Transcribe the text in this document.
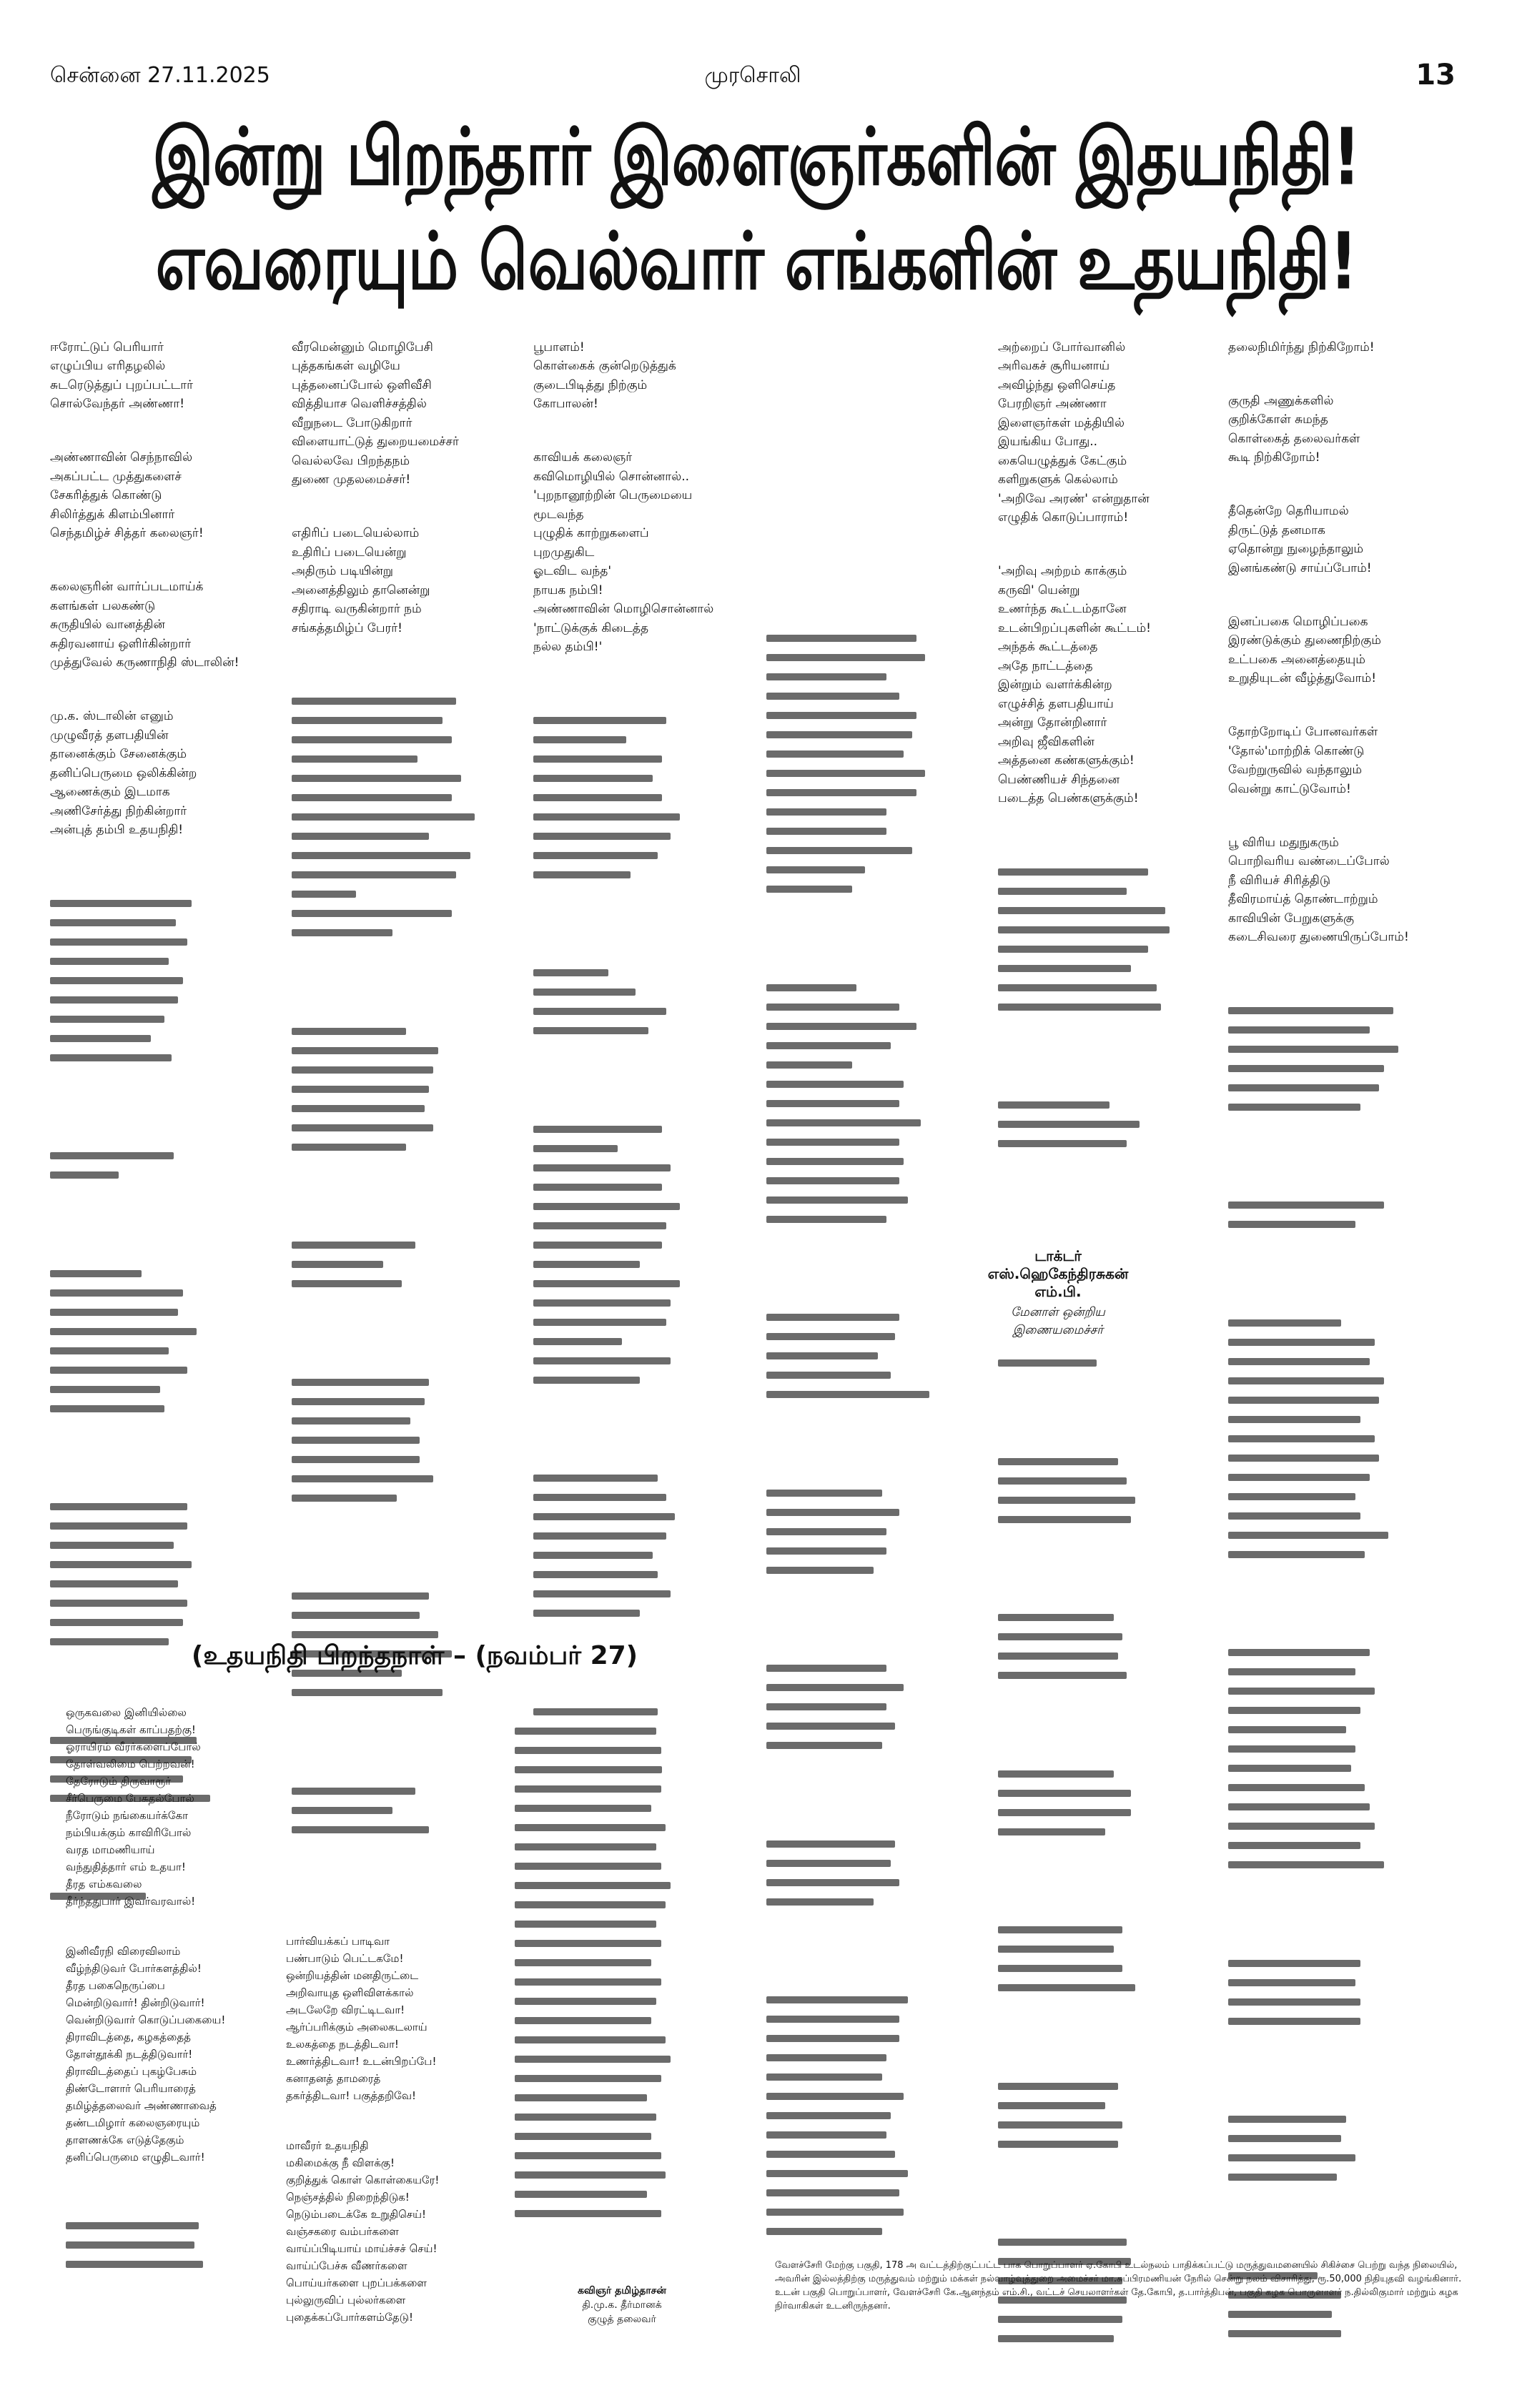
சென்னை 27.11.2025	முரசொலி	13
இன்று பிறந்தார் இளைஞர்களின் இதயநிதி!
எவரையும் வெல்வார் எங்களின் உதயநிதி!

ஈரோட்டுப் பெரியார்
எழுப்பிய எரிதழலில்
சுடரெடுத்துப் புறப்பட்டார்
சொல்வேந்தர் அண்ணா!

அண்ணாவின் செந்நாவில்
அகப்பட்ட முத்துகளைச்
சேகரித்துக் கொண்டு
சிலிர்த்துக் கிளம்பினார்
செந்தமிழ்ச் சித்தர் கலைஞர்!

கலைஞரின் வார்ப்படமாய்க்
களங்கள் பலகண்டு
சுருதியில் வானத்தின்
சுதிரவனாய் ஒளிர்கின்றார்
முத்துவேல் கருணாநிதி ஸ்டாலின்!

மு.க. ஸ்டாலின் எனும்
முழுவீரத் தளபதியின்
தானைக்கும் சேனைக்கும்
தனிப்பெருமை ஒலிக்கின்ற
ஆணைக்கும் இடமாக
அணிசேர்த்து நிற்கின்றார்
அன்புத் தம்பி உதயநிதி!

வீரமென்னும் மொழிபேசி
புத்தகங்கள் வழியே
புத்தனைப்போல் ஒளிவீசி
வித்தியாச வெளிச்சத்தில்
வீறுநடை போடுகிறார்
விளையாட்டுத் துறையமைச்சர்
வெல்லவே பிறந்தநம்
துணை முதலமைச்சர்!

எதிரிப் படையெல்லாம்
உதிரிப் படையென்று
அதிரும் படியின்று
அனைத்திலும் தானென்று
சதிராடி வருகின்றார் நம்
சங்கத்தமிழ்ப் பேரர்!

பூபாளம்!
கொள்கைக் குன்றெடுத்துக்
குடைபிடித்து நிற்கும்
கோபாலன்!

காவியக் கலைஞர்
கவிமொழியில் சொன்னால்..
'புறநானூற்றின் பெருமையை
மூடவந்த
புழுதிக் காற்றுகளைப்
புறமுதுகிட
ஓடவிட வந்த'
நாயக நம்பி!
அண்ணாவின் மொழிசொன்னால்
'நாட்டுக்குக் கிடைத்த
நல்ல தம்பி!'

அற்றைப் போர்வானில்
அரிவகச் சூரியனாய்
அவிழ்ந்து ஒளிசெய்த
பேரறிஞர் அண்ணா
இளைஞர்கள் மத்தியில்
இயங்கிய போது..
கையெழுத்துக் கேட்கும்
களிறுகளுக் கெல்லாம்
'அறிவே அரண்' என்றுதான்
எழுதிக் கொடுப்பாராம்!

'அறிவு அற்றம் காக்கும்
கருவி' யென்று
உணர்ந்த கூட்டம்தானே
உடன்பிறப்புகளின் கூட்டம்!
அந்தக் கூட்டத்தை
அதே நாட்டத்தை
இன்றும் வளர்க்கின்ற
எழுச்சித் தளபதியாய்
அன்று தோன்றினார்
அறிவு ஜீவிகளின்
அத்தனை கண்களுக்கும்!
பெண்ணியச் சிந்தனை
படைத்த பெண்களுக்கும்!

டாக்டர்
எஸ்.ஹெகேந்திரசுகன்
எம்.பி.
மேனாள் ஒன்றிய
இணையமைச்சர்

தலைநிமிர்ந்து நிற்கிறோம்!

குருதி அணுக்களில்
குறிக்கோள் சுமந்த
கொள்கைத் தலைவர்கள்
கூடி நிற்கிறோம்!

தீதென்றே தெரியாமல்
திருட்டுத் தனமாக
ஏதொன்று நுழைந்தாலும்
இனங்கண்டு சாய்ப்போம்!

இனப்பகை மொழிப்பகை
இரண்டுக்கும் துணைநிற்கும்
உட்பகை அனைத்தையும்
உறுதியுடன் வீழ்த்துவோம்!

தோற்றோடிப் போனவர்கள்
'தோல்'மாற்றிக் கொண்டு
வேற்றுருவில் வந்தாலும்
வென்று காட்டுவோம்!

பூ விரிய மதுநுகரும்
பொறிவரிய வண்டைப்போல்
நீ விரியச் சிரித்திடு
தீவிரமாய்த் தொண்டாற்றும்
காவியின் பேறுகளுக்கு
கடைசிவரை துணையிருப்போம்!

(உதயநிதி பிறந்தநாள் – (நவம்பர் 27)

ஒருகவலை இனியில்லை
பெருங்குடிகள் காப்பதற்கு!
ஓராயிரம் வீரர்களைப்போல்
தோள்வலிமை பெற்றவன்!
தேரோடும் திருவாரூர்
சீர்பெருமை பேசுதல்போல்
நீரோடும் நங்கையர்க்கோ
நம்பியக்கும் காவிரிபோல்
வரத மாமணியாய்
வந்துதித்தார் எம் உதயா!
தீரத எம்கவலை
தீர்ந்ததுபார் இவர்வரவால்!

இனிவீரநி விரைவிலாம்
வீழ்ந்திடுவர் போர்களத்தில்!
தீரத பகைநெருப்பை
மென்றிடுவார்! தின்றிடுவார்!
வென்றிடுவார் கொடுப்பகையை!
திராவிடத்தை, கழகத்தைத்
தோள்தூக்கி நடத்திடுவார்!
திராவிடத்தைப் புகழ்பேசும்
திண்டோளார் பெரியாரைத்
தமிழ்த்தலைவர் அண்ணாவைத்
தண்டமிழார் கலைஞரையும்
தாளணக்கே எடுத்தேகும்
தனிப்பெருமை எழுதிடவார்!

பார்வியக்கப் பாடிவா
பண்பாடும் பெட்டகமே!
ஒன்றியத்தின் மனதிருட்டை
அறிவாயுத ஒளிவிளக்கால்
அடலேறே விரட்டிடவா!
ஆர்ப்பரிக்கும் அலைகடலாய்
உலகத்தை நடத்திடவா!
உணர்த்திடவா! உடன்பிறப்பே!
கனாதனத் தாமரைத்
தகர்த்திடவா! பகுத்தறிவே!

மாவீரர் உதயநிதி
மகிமைக்கு நீ விளக்கு!
குறித்துக் கொள் கொள்கையரே!
நெஞ்சத்தில் நிறைந்திடுக!
நெடும்படைக்கே உறுதிசெய்!
வஞ்சகரை வம்பர்களை
வாய்ப்பிடியாய் மாய்ச்சச் செய்!
வாய்ப்பேச்சு வீணர்களை
பொய்யர்களை புறப்பக்களை
புல்லுருவிப் புல்லர்களை
புதைக்கப்போர்களம்தேடு!

கவிஞர் தமிழ்தாசன்
தி.மு.க. தீர்மானக்
குழுத் தலைவர்
வேளச்சேரி மேற்கு பகுதி, 178 அ வட்டத்திற்குட்பட்ட பாக பொறுப்பாளர் ஏ.கோபி உடல்நலம் பாதிக்கப்பட்டு மருத்துவமனையில் சிகிச்சை பெற்று வந்த நிலையில், அவரின் இல்லத்திற்கு மருத்துவம் மற்றும் மக்கள் நல்வாழ்வுத்துறை அமைச்சர் மா.சுப்பிரமணியன் நேரில் சென்று நலம் விசாரித்து, ரூ.50,000 நிதியுதவி வழங்கினார். உடன் பகுதி பொறுப்பாளர், வேளச்சேரி கே.ஆனந்தம் எம்.சி., வட்டச் செயலாளர்கள் தே.கோபி, த.பார்த்திபன், பகுதி கழக பொருளாளர் ந.தில்லிகுமார் மற்றும் கழக நிர்வாகிகள் உடனிருந்தனர்.
